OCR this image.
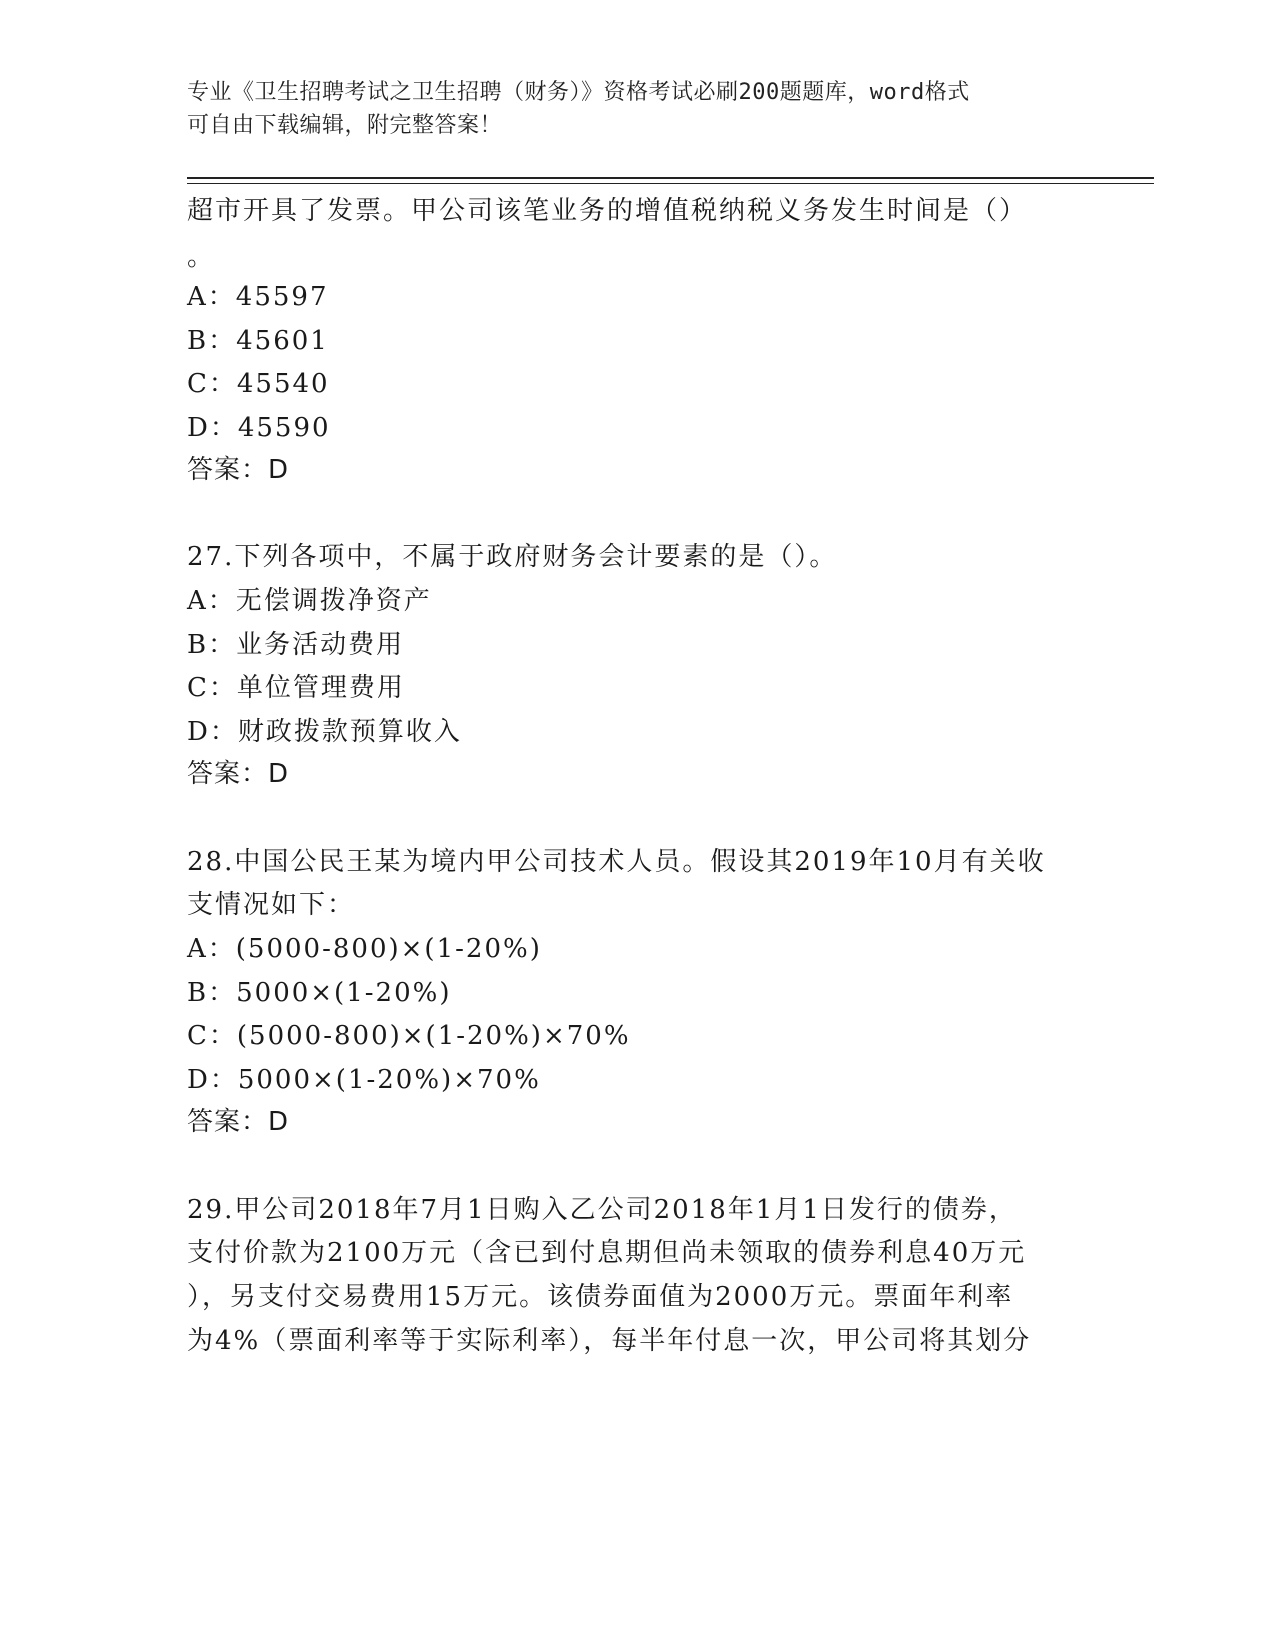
专业《卫生招聘考试之卫生招聘（财务）》资格考试必刷200题题库，word格式
可自由下载编辑，附完整答案！
超市开具了发票。甲公司该笔业务的增值税纳税义务发生时间是（）
。
A：45597
B：45601
C：45540
D：45590
答案：D
27.下列各项中，不属于政府财务会计要素的是（）。
A：无偿调拨净资产
B：业务活动费用
C：单位管理费用
D：财政拨款预算收入
答案：D
28.中国公民王某为境内甲公司技术人员。假设其2019年10月有关收
支情况如下：
A：(5000-800)×(1-20%)
B：5000×(1-20%)
C：(5000-800)×(1-20%)×70%
D：5000×(1-20%)×70%
答案：D
29.甲公司2018年7月1日购入乙公司2018年1月1日发行的债券，
支付价款为2100万元（含已到付息期但尚未领取的债券利息40万元
），另支付交易费用15万元。该债券面值为2000万元。票面年利率
为4%（票面利率等于实际利率），每半年付息一次，甲公司将其划分
